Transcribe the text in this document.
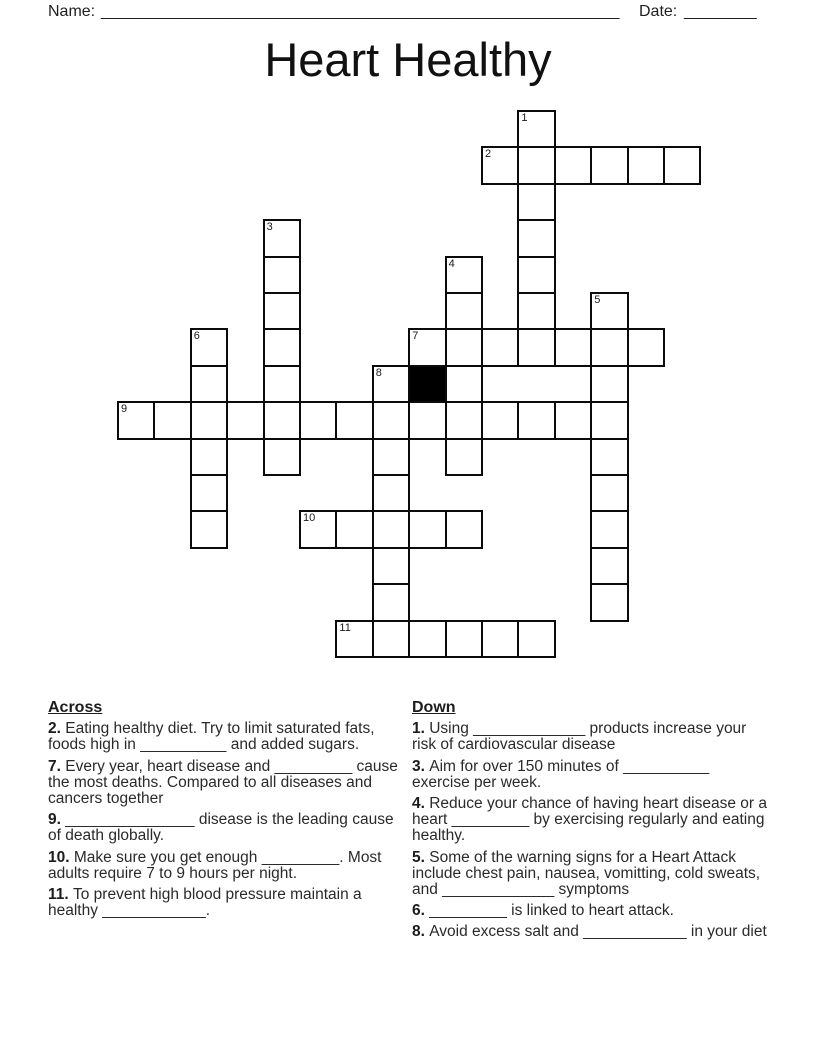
Name: _________________________________________________________ Date: ________
Heart Healthy
1
2
3
4
5
6	7
8
9
10
11

Across

2. Eating healthy diet. Try to limit saturated fats, foods high in __________ and added sugars.

7. Every year, heart disease and _________ cause the most deaths. Compared to all diseases and cancers together

9. _______________ disease is the leading cause of death globally.

10. Make sure you get enough _________. Most adults require 7 to 9 hours per night.

11. To prevent high blood pressure maintain a healthy ____________.

Down

1. Using _____________ products increase your risk of cardiovascular disease

3. Aim for over 150 minutes of __________ exercise per week.

4. Reduce your chance of having heart disease or a heart _________ by exercising regularly and eating healthy.

5. Some of the warning signs for a Heart Attack include chest pain, nausea, vomitting, cold sweats, and _____________ symptoms

6. _________ is linked to heart attack.

8. Avoid excess salt and ____________ in your diet
